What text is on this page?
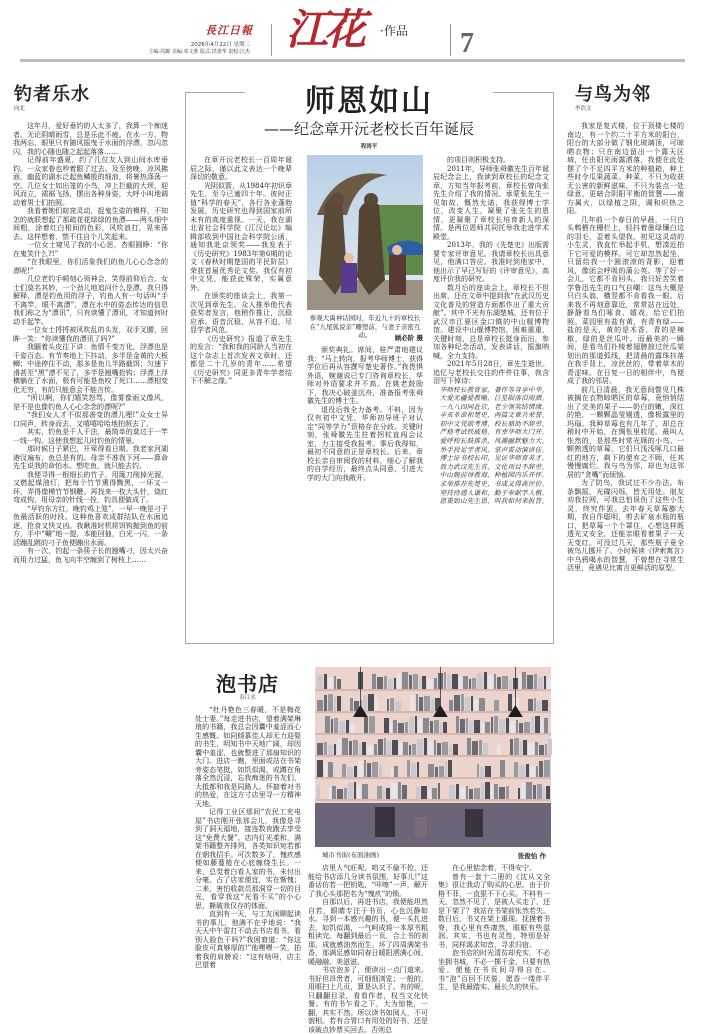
長江日報
2026年4月22日 星期三
主编:周璐 美编:邓文胜 版式:洪蕾华 责校:江杰 江花 ·作品 7
钓者乐水
向北

这年月，爱好垂钓的人太多了，我算一个痴迷者。无论阴晴雨雪，总是乐此不疲。在水一方，物我两忘，眼里只有随风摇曳于水面的浮漂，忽闪忽闪，我的心随也随之起起落落……

记得前年盛夏，约了几位友人到山间水库垂钓。一众家眷也吵着跟了过去。及至傍晚，凉风拂面，幽蓝的湖水泛起鱼鳞般的细浪，将暑热涤荡一空。几位女士如出笼的小鸟，冲上拦截的大坝，迎风而立，裙裾飞扬，摆出各种身姿，大呼小叫地调动着男士们拍照。

我看着她们窈窕灵动，捉鬼生姿的模样，不知怎的就联想起了那疏花花绿绿的鱼漂——两头细中间粗，涂着红白相间的色彩，风吹浪打，晃来荡去。这样想着，禁不住自个儿笑起来。

一位女士窥见了我的小心思，杏眼圆睁：“你在鬼笑什么?!”

“在我眼里，你们活象我们的鱼儿心心念念的漂呢!”

几位老钓手顿刻心领神会，笑得前仰后合。女士们莫名其妙，一个劲儿地追问什么是漂。我只得解释，漂是钓鱼用的浮子，钓鱼人有一句话叫“手不离竿，眼不离漂”，漂在水中的姿态传达的信息我们称之为“漂讯”，只有读懂了漂讯，才知道何时动手起竿。

一位女士捋捋被风吹乱的头发，双手叉腰，回眸一笑：“你读懂我的漂讯了吗?”

我腼着头皮往下讲：鱼情千变万化，浮漂也是千姿百态。有节奏地上下抖动，多半是金黄的大板鲫；中途停住不动，那多是鱼儿半路截饵；匀速下滑甚至“黑”漂不见了，多半是翘嘴抢钩；浮漂上浮横躺在了水面，极有可能是鱼咬了死口……漂相变化无穷，有的只能意会不能言传。

“所以啊，你们嬉笑怒骂，像雾像雨又像风，是不是也像钓鱼人心心念念的漂呢?”

“我们女人才不似那善变的漂儿哩!”众女士异口同声，转身而去，又嘻嘻哈哈地拍照去了。

其实，钓鱼是千人千法，最简单的莫过于一竿一线一钩。这使我想起儿时钓鱼的情景。

那时候日子紧巴，开荤得看日期。我老家河湖港汊遍布，鱼总是有的。母亲不准我下河——算命先生说我的命怕水。想吃鱼，就只能去钓。

我便寻得一根细长的竹子，用篾刀削掉光溜，又燃起煤油灯，把每个竹节熏得黝黑，一环又一环，弄得像模竹节钢鞭。再找来一枚大头针，烧红弯成钩，用母亲的针线一拴，钓具便做成了。

“早钓东方红，晚钓鸡上笼”，一早一晚是刁子鱼最活跃的时段。这种鱼喜欢成群结队在水面追逐，抢食又快又凶。我瞅准时机将饵钩抛到鱼的前方，手中“唰”地一提，本能回抽，白光一闪，一条活蹦乱跳的刁子鱼便蹦出水面。

有一次，钓起一条筷子长的翘嘴刁，因太兴奋而用力过猛，鱼飞向半空缠到了树枝上……

与鸟为邻
李浩文

我家是复式楼，位于顶楼七楼的南边，有一个约二十平方米的阳台，阳台的大部分做了钢化玻璃顶，可晾晒衣物；只在南边留出一个露天区域，任由阳光雨露洒落，我便在此处摆了个不足四平方米的种植箱，种上些时令瓜果蔬菜。种菜，不只为收获无公害的新鲜滋味，不只为装点一处绿意，更暗合阴阳平衡的智慧——南方属火，以绿植之阴，调和炽热之阳。

几年前一个春日的早晨，一只白头鹎栖在栅栏上，轻抖着墨绿镶白边的羽毛，歪着头望我。初见这灵动的小生灵，我直忙举起手机，想凑近拍下它可爱的模样。可它却忽然起坐，只留给我一个圆滚滚的背影，迎着风，像团会呼吸的蒲公英。等了好一会儿，它都不肯回头，我只好苦笑着学鲁迅先生的口气自嘲：这鸟大概是只白头翁，横竖都不肯看我一眼。后来我不再刻意靠近，常常站在远处，静静看鸟们啄食、嬉戏，给它们拍照。菜园里有盐有黄，有青有绿——盐的是天，黄的是木香，青的是辣椒，绿的是丝瓜叶。而最美的一瞬间，是看鸟们扑棱着翅膀掠过丝瓜架划出的那道弧线，把清晨的露珠抖落在我手背上，凉丝丝的，带着草木的青涩味。在日复一日的相伴中，鸟便成了我的邻居。

前几日清晨，我无意间瞥见几株被搁在衣物晾晒区的草莓，竟悄悄结出了完美的果子——奶白的嫩，深红的艳，一颗颗晶莹剔透，像极露里的玛瑙。我种草莓也有几年了，却总在稍时中开始，在惆怅里收尾。最叫人怅然的，是那些时常光顾的小鸟。一颗熟透的草莓，它们只浅浅啄几口最红的地方，剩下的便弃之不顾，任其慢慢腐烂。我与鸟为邻，却也为这邻居的“贪嘴”而烦恼。

为了防鸟，我试过不少办法。布条飘摇、光碟闪烁，皆无用处。朋友劝我拉网，可我总怕误伤了这些小生灵，终究作罢。去年春天草莓膨大期，我自作聪明，剪去矿泉水瓶的瓶口，把草莓一个个罩住，心想这样既透光又安全，还能亲眼看着果子一天天变红。可没过几天，那些瓶子竟全被鸟儿挪开了。小时候读《伊索寓言》中乌鸦喝水的智慧，不曾想在寻常生活里，竟遇见比寓言更鲜活的原型。

师恩如山
——纪念章开沅老校长百年诞辰
程涛平

在章开沅老校长一百周年诞辰之际，谨以此文表达一个晚辈深切的敬意。

光阴似箭，从1984年初识章先生，至今已逾四十年。彼时正值“科学的春天”，各行各业蓬勃发展，历史研究也得到国家前所未有的高度重视。一天，我在湖北省社会科学院《江汉论坛》编辑部收到中国社会科学院公函，通知我赴京领奖——我发表于《历史研究》1983年第6期的论文《春秋时期楚国的平民阶层》荣获首届优秀论文奖。我仅有初中文凭，能获此殊荣，实属意外。

在颁奖的座谈会上，我第一次见到章先生。众人推举他代表获奖者发言，他稍作推让，沉稳应承。语音沉稳，从容不迫，尽显学者风范。

《历史研究》报道了章先生的发言：“我和我的同龄人当初在这个杂志上首次发表文章时，还都是二十几岁的青年……希望《历史研究》同更多青年学者结下不解之缘。”

参观大禹神话园时，年近九十的章校长在“九尾狐说亲”雕塑前，与妻子亲密互动。	顾必阶 摄

颁奖典礼。席间，桂严肃地建议我：“马上转向，报考华师博士，获得学位后再从容撰写楚史著作。”我畏惧外语，婉谢说已专门咨询章校长，华师对外语要求并不高。在姚老鼓励下，我决心破釜沉舟，准备报考张舜徽先生的博士生。

退役后我全力备考。不料，因为仅有初中文凭，华师初导班子对认定“同等学力”资格存在分歧。关键时刻，张舜徽先生拄着拐杖直闯会议室，力主接受我报考。事后我得知，最初不同意的正是章校长。后来，章校长亲自审阅我的材料，细心了解我的自学经历，最终点头同意，引进大学的大门向我敞开。

的项目则积极支持。

2011年，导师张舜徽先生百年诞辰纪念会上，我读到章校长的纪念文章，方知当年报考前，章校长曾向张先生介绍了我的情况。承蒙张先生一见如故，慨然允诺，我获得博士学位，改变人生，凝聚了张先生的恩情，更凝聚了章校长培育新人的深情。是两位恩师共同托举我走进学术殿堂。

2013年，我的《先楚史》出版需要专家评审意见。我请章校长出具意见，他满口答应。我准时到他家中，他出示了早已写好的《评审意见》，高度评价我的研究。

数月后的座谈会上，章校长不但出席，还在文章中提到我“在武汉历史文化普及的营造方面都作出了重大贡献”。其中不光有东湖楚城，还有位于武汉市江夏区金口镇的中山舰博物馆。建设中山舰博物馆，困难重重，关键时刻，总是章校长挺身而出，参加各种纪念活动，发表讲话，摇旗呐喊，全力支持。

2021年5月28日，章先生逝世。追忆与老校长交往的件件往事，我含泪写下悼诗：

华师校长教育家，著作等身享中华。

大爱无疆爱教喻，巨星陨落泪雨洒。

一九八四同赴京，老少领奖结情缘。

辛亥革命和楚史，两篇文章共荣誉。

初中文凭欲考博，校长鼎助不辞劳。

严格考试铁威格，有幸华师大门开。

爱呼校长鼓推杀，风趣幽默魅力大。

举手投足学者风，掌声雷动演讲佳。

博士证书校长印，见证华师育英才。

效力武汉先生喜，文化项目不辞劳。

中山舰前谆教诲，种植园内乐开怀。

求荣推荐先楚史，书成又得高评价。

坚持待遇人谦和，勤于奉献学人楷。

恩重如山先生恩，叫我如何来报答。

泡书店
春江水

“牡丹艳色三春暖，不是梅花处士妻。”每走进书店，望着满架琳琅的书籍，我总会因囊中羞涩而心生感慨。如同倾慕佳人却无力迎娶的书生，明知书中天地广阔，却因囊中羞涩，也就整进了那扇知识的大门。进店一瞧，里面或站在书架旁姿态笔挺，如饥似渴，或蹲在角落全然沉浸，忘我痴迷的书友们，大抵都和我是同路人。怀揣着对书的热爱，在这方寸店里寻一方精神天地。

记得工业区那间“农民工充电屋”书店刚开张那会儿，我像是寻到了洞天福地，接连数夜跑去享受这“免费大餐”。店内灯光柔和，满架书籍整齐排列，各类知识宛若都在朝我招手。可次数多了，愧疚感便如藤蔓般在心底缠绕生长。一来，总觉着白看人家的书，未付出分毫，占了店家便宜，实在惭愧；二来，害怕收款员那洞穿一切的目光，看穿我这“光看不买”的小心思，撕破我仅存的体面。

直到有一天，与工友闲聊起读书的事儿，他满不在乎地说：“我天天中午雷打不动去书店看书，看别人脸色干吗?”我困窘道：“你这脸皮可真够厚的!”他嘿嘿一笑，拍着我的肩膀说：“这有啥呀，店主巴望着

城市书街(布面油画)	张俊怡 作

店里人气旺呢。咱又不偷不抢，还能给书店添几分读书氛围，好事儿!”这番话仿若一把钥匙，“咔嚓”一声，解开了我心头那把名为“愧疚”的锁。

自那以后，再进书店，我便能坦然自若，眼睛专注于书页，心也沉静如水。寻到一本感兴趣的书，便一头扎进去，如饥似渴，一气呵成将一本厚书粗粗读完。每翻到最后一页，合上书的刹那，成就感油然而生。坏了四周满架书香，那满足感如同春日暖阳洒满心间，暖融融、美滋滋。

书店泡多了，便读出一点门道来。书好但昂贵者，可细细浏览；一般的，用眼扫上几页，算是认识了。有的呢，只翻翻目录，看看作者，权当文化快餐。有的书乍看之下，大为惊艳，一翻，其实不然。所以读书如阅人，不可貌相。若有合胃口有用处的好书，还是该破点钞票买回去。否则总

在心里惦念着，不得安宁。

曾有一套十二册的《沈从文全集》很让我动了购买的心思。由于价格不菲，一直狠不下心买。不料有一天，忽然不见了，是被人买走了，还是下架了？我站在书架前怅然若失。数日后，书又在架上重现。抚摸着书脊，我心里有些凄然，眼眶有些湿润。其实，书也有灵性，特别是好书，同样渴求知音，寻求归宿。

泡书店的时光清贫却充实，不必坐拥书城，不必一掷千金，只要有热爱，便能在书页间寻得自在。书“泡”百回不厌倦，愿香一缕伴平生，是我最踏实、最长久的快乐。
